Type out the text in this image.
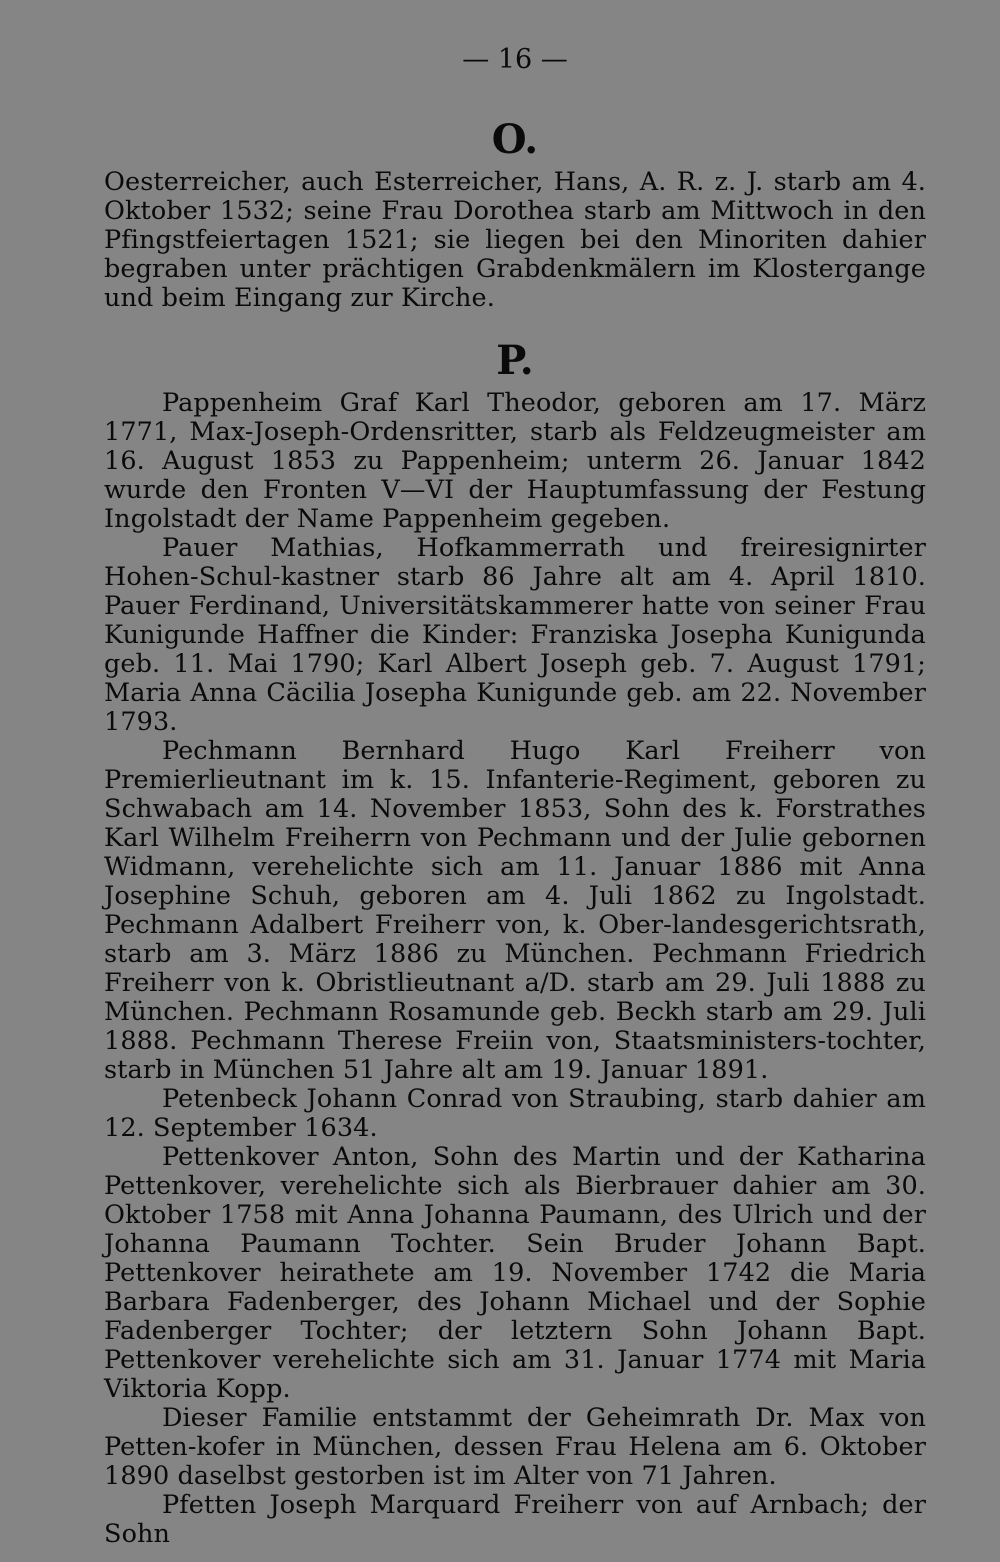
— 16 —
O.

Oesterreicher, auch Esterreicher, Hans, A. R. z. J. starb am 4. Oktober 1532; seine Frau Dorothea starb am Mittwoch in den Pfingstfeiertagen 1521; sie liegen bei den Minoriten dahier begraben unter prächtigen Grabdenkmälern im Klostergange und beim Eingang zur Kirche.

P.

Pappenheim Graf Karl Theodor, geboren am 17. März 1771, Max-Joseph-Ordensritter, starb als Feldzeugmeister am 16. August 1853 zu Pappenheim; unterm 26. Januar 1842 wurde den Fronten V—VI der Hauptumfassung der Festung Ingolstadt der Name Pappenheim gegeben.

Pauer Mathias, Hofkammerrath und freiresignirter Hohen-Schul-kastner starb 86 Jahre alt am 4. April 1810. Pauer Ferdinand, Universitätskammerer hatte von seiner Frau Kunigunde Haffner die Kinder: Franziska Josepha Kunigunda geb. 11. Mai 1790; Karl Albert Joseph geb. 7. August 1791; Maria Anna Cäcilia Josepha Kunigunde geb. am 22. November 1793.

Pechmann Bernhard Hugo Karl Freiherr von Premierlieutnant im k. 15. Infanterie-Regiment, geboren zu Schwabach am 14. November 1853, Sohn des k. Forstrathes Karl Wilhelm Freiherrn von Pechmann und der Julie gebornen Widmann, verehelichte sich am 11. Januar 1886 mit Anna Josephine Schuh, geboren am 4. Juli 1862 zu Ingolstadt. Pechmann Adalbert Freiherr von, k. Ober-landesgerichtsrath, starb am 3. März 1886 zu München. Pechmann Friedrich Freiherr von k. Obristlieutnant a/D. starb am 29. Juli 1888 zu München. Pechmann Rosamunde geb. Beckh starb am 29. Juli 1888. Pechmann Therese Freiin von, Staatsministers-tochter, starb in München 51 Jahre alt am 19. Januar 1891.

Petenbeck Johann Conrad von Straubing, starb dahier am 12. September 1634.

Pettenkover Anton, Sohn des Martin und der Katharina Pettenkover, verehelichte sich als Bierbrauer dahier am 30. Oktober 1758 mit Anna Johanna Paumann, des Ulrich und der Johanna Paumann Tochter. Sein Bruder Johann Bapt. Pettenkover heirathete am 19. November 1742 die Maria Barbara Fadenberger, des Johann Michael und der Sophie Fadenberger Tochter; der letztern Sohn Johann Bapt. Pettenkover verehelichte sich am 31. Januar 1774 mit Maria Viktoria Kopp.

Dieser Familie entstammt der Geheimrath Dr. Max von Petten-kofer in München, dessen Frau Helena am 6. Oktober 1890 daselbst gestorben ist im Alter von 71 Jahren.

Pfetten Joseph Marquard Freiherr von auf Arnbach; der Sohn
